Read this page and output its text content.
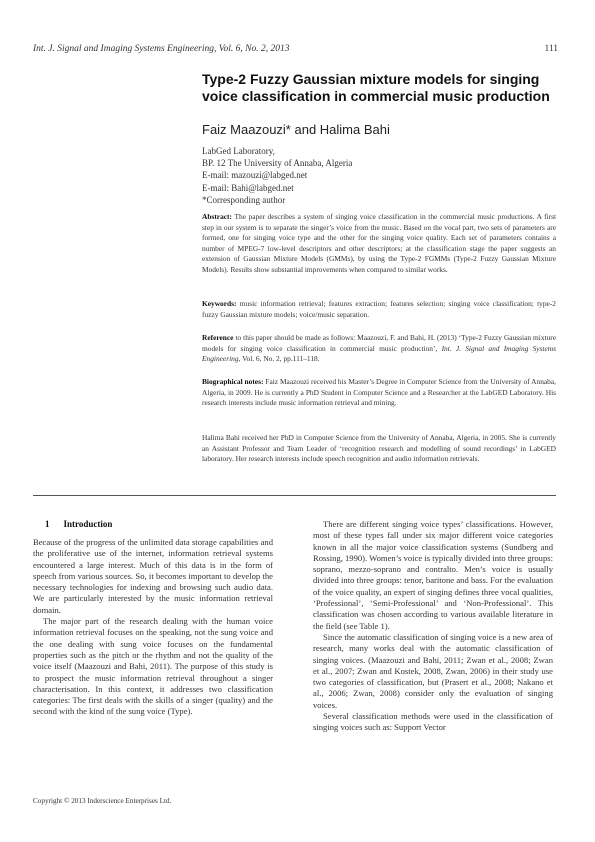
Int. J. Signal and Imaging Systems Engineering, Vol. 6, No. 2, 2013	111
Type-2 Fuzzy Gaussian mixture models for singing voice classification in commercial music production
Faiz Maazouzi* and Halima Bahi
LabGed Laboratory,
BP. 12 The University of Annaba, Algeria
E-mail: mazouzi@labged.net
E-mail: Bahi@labged.net
*Corresponding author
Abstract: The paper describes a system of singing voice classification in the commercial music productions. A first step in our system is to separate the singer’s voice from the music. Based on the vocal part, two sets of parameters are formed, one for singing voice type and the other for the singing voice quality. Each set of parameters contains a number of MPEG-7 low-level descriptors and other descriptors; at the classification stage the paper suggests an extension of Gaussian Mixture Models (GMMs), by using the Type-2 FGMMs (Type-2 Fuzzy Gaussian Mixture Models). Results show substantial improvements when compared to similar works.
Keywords: music information retrieval; features extraction; features selection; singing voice classification; type-2 fuzzy Gaussian mixture models; voice/music separation.
Reference to this paper should be made as follows: Maazouzi, F. and Bahi, H. (2013) ‘Type-2 Fuzzy Gaussian mixture models for singing voice classification in commercial music production’, Int. J. Signal and Imaging Systems Engineering, Vol. 6, No. 2, pp.111–118.
Biographical notes: Faiz Maazouzi received his Master’s Degree in Computer Science from the University of Annaba, Algeria, in 2009. He is currently a PhD Student in Computer Science and a Researcher at the LabGED Laboratory. His research interests include music information retrieval and mining.
Halima Bahi received her PhD in Computer Science from the University of Annaba, Algeria, in 2005. She is currently an Assistant Professor and Team Leader of ‘recognition research and modelling of sound recordings’ in LabGED laboratory. Her research interests include speech recognition and audio information retrievals.
1 Introduction

Because of the progress of the unlimited data storage capabilities and the proliferative use of the internet, information retrieval systems encountered a large interest. Much of this data is in the form of speech from various sources. So, it becomes important to develop the necessary technologies for indexing and browsing such audio data. We are particularly interested by the music information retrieval domain.

The major part of the research dealing with the human voice information retrieval focuses on the speaking, not the sung voice and the one dealing with sung voice focuses on the fundamental properties such as the pitch or the rhythm and not the quality of the voice itself (Maazouzi and Bahi, 2011). The purpose of this study is to prospect the music information retrieval throughout a singer characterisation. In this context, it addresses two classification categories: The first deals with the skills of a singer (quality) and the second with the kind of the sung voice (Type).

There are different singing voice types’ classifications. However, most of these types fall under six major different voice categories known in all the major voice classification systems (Sundberg and Rossing, 1990). Women’s voice is typically divided into three groups: soprano, mezzo-soprano and contralto. Men’s voice is usually divided into three groups: tenor, baritone and bass. For the evaluation of the voice quality, an expert of singing defines three vocal qualities, ‘Professional’, ‘Semi-Professional’ and ‘Non-Professional’. This classification was chosen according to various available literature in the field (see Table 1).

Since the automatic classification of singing voice is a new area of research, many works deal with the automatic classification of singing voices. (Maazouzi and Bahi, 2011; Zwan et al., 2008; Zwan et al., 2007; Zwan and Kostek, 2008, Zwan, 2006) in their study use two categories of classification, but (Prasert et al., 2008; Nakano et al., 2006; Zwan, 2008) consider only the evaluation of singing voices.

Several classification methods were used in the classification of singing voices such as: Support Vector

Copyright © 2013 Inderscience Enterprises Ltd.
